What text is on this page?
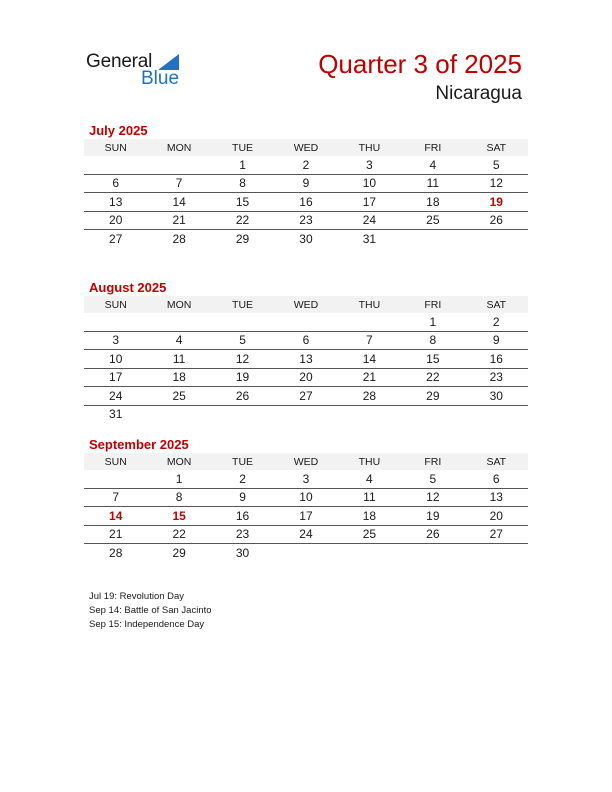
General
Blue	Quarter 3 of 2025
Nicaragua
July 2025
SUN	MON	TUE	WED	THU	FRI	SAT
		1	2	3	4	5
6	7	8	9	10	11	12
13	14	15	16	17	18	19
20	21	22	23	24	25	26
27	28	29	30	31		
August 2025
SUN	MON	TUE	WED	THU	FRI	SAT
					1	2
3	4	5	6	7	8	9
10	11	12	13	14	15	16
17	18	19	20	21	22	23
24	25	26	27	28	29	30
31						
September 2025
SUN	MON	TUE	WED	THU	FRI	SAT
	1	2	3	4	5	6
7	8	9	10	11	12	13
14	15	16	17	18	19	20
21	22	23	24	25	26	27
28	29	30				
Jul 19: Revolution Day
Sep 14: Battle of San Jacinto
Sep 15: Independence Day
